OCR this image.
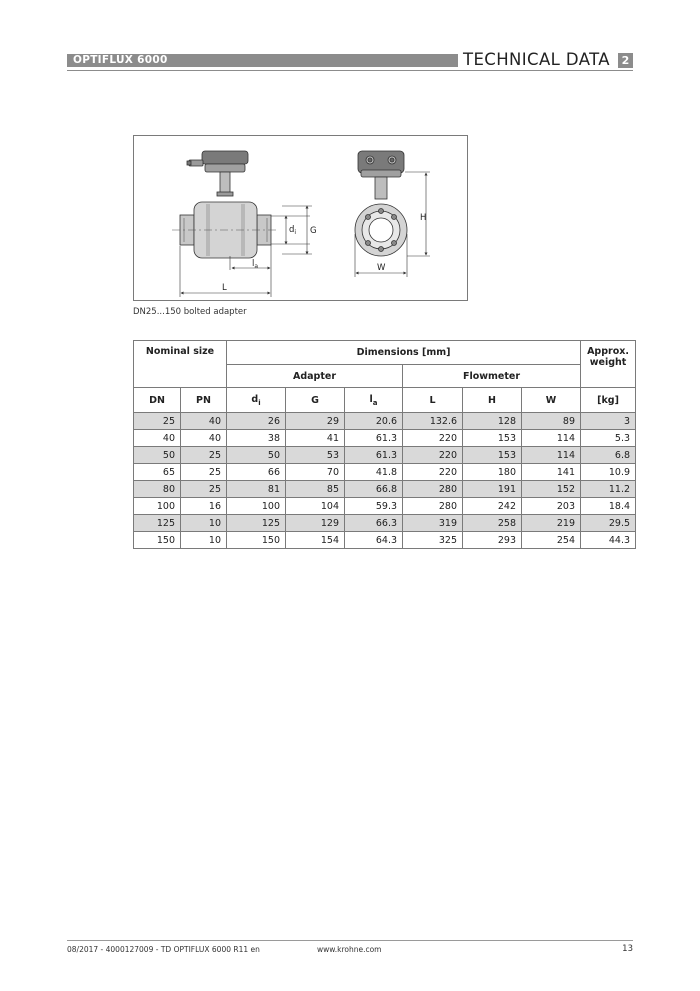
OPTIFLUX 6000	TECHNICAL DATA	2
$d_i$ G
$l_a$
L
H
W
DN25...150 bolted adapter
Nominal size		Dimensions [mm]						Approx. weight
		Adapter			Flowmeter			
DN	PN	$d_i$	G	$l_a$	L	H	W	[kg]
25	40	26	29	20.6	132.6	128	89	3
40	40	38	41	61.3	220	153	114	5.3
50	25	50	53	61.3	220	153	114	6.8
65	25	66	70	41.8	220	180	141	10.9
80	25	81	85	66.8	280	191	152	11.2
100	16	100	104	59.3	280	242	203	18.4
125	10	125	129	66.3	319	258	219	29.5
150	10	150	154	64.3	325	293	254	44.3
08/2017 - 4000127009 - TD OPTIFLUX 6000 R11 en	www.krohne.com	13
